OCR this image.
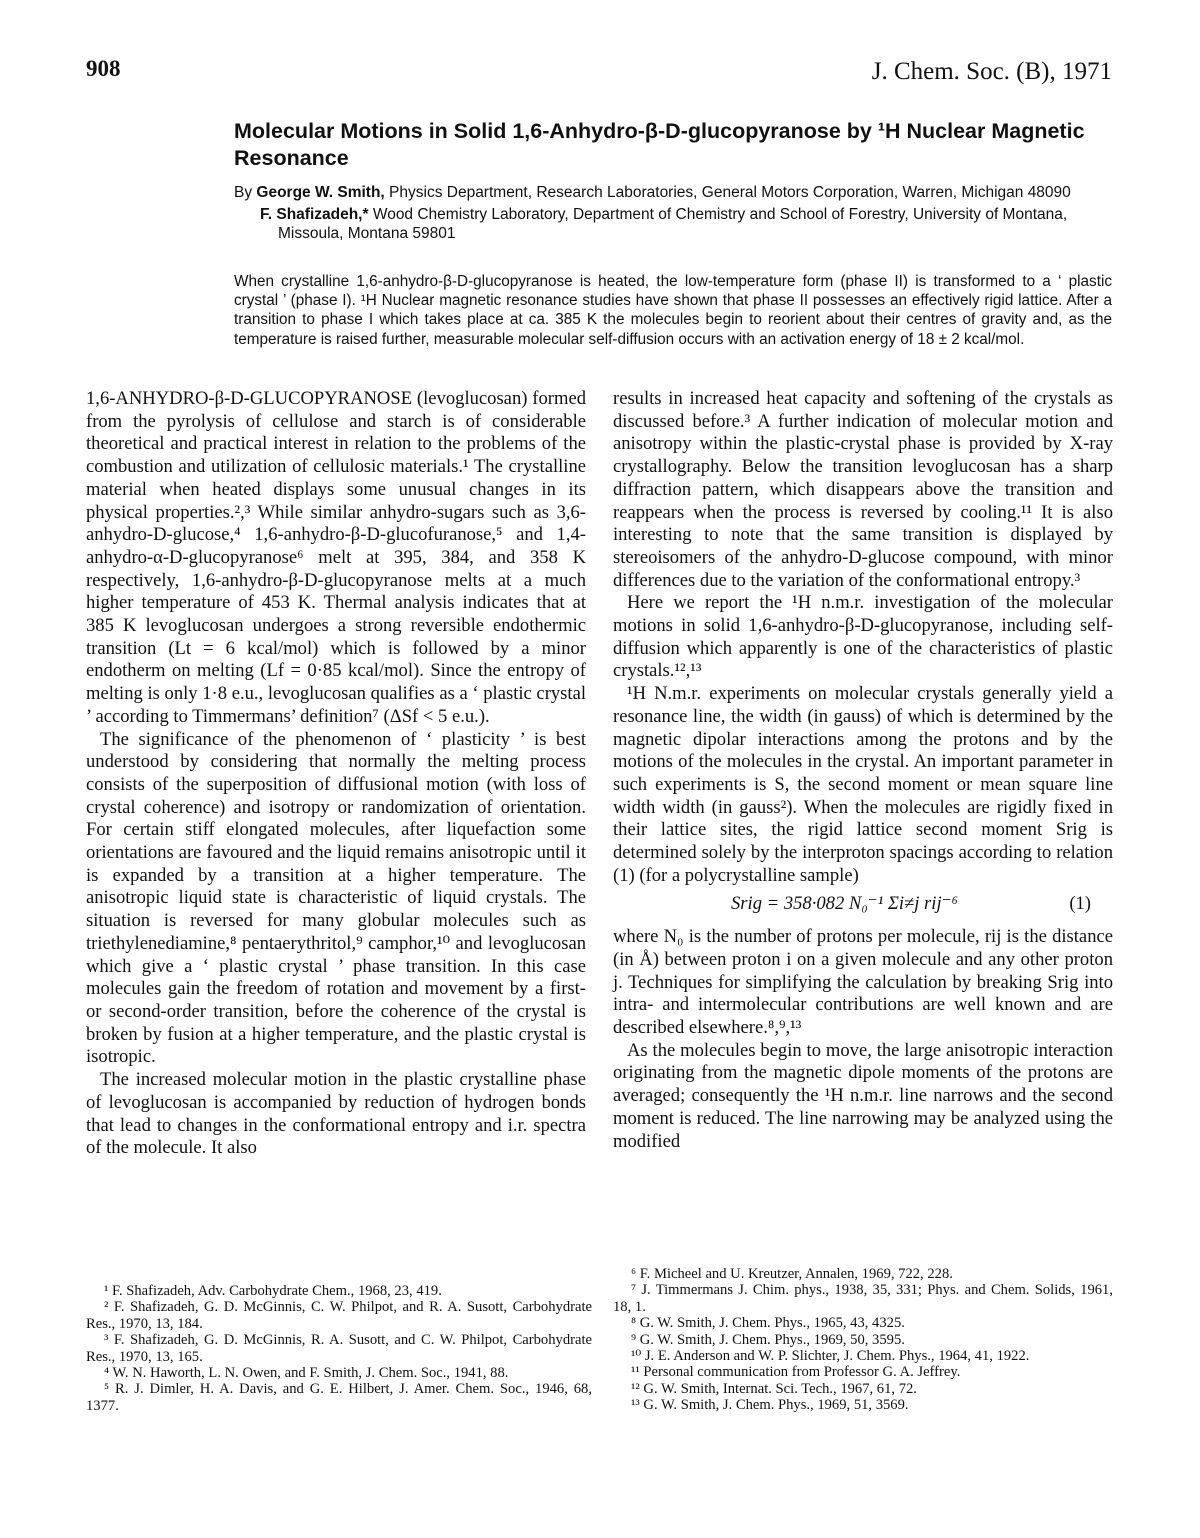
908	J. Chem. Soc. (B), 1971
Molecular Motions in Solid 1,6-Anhydro-β-D-glucopyranose by ¹H Nuclear Magnetic Resonance

By George W. Smith, Physics Department, Research Laboratories, General Motors Corporation, Warren, Michigan 48090

F. Shafizadeh,* Wood Chemistry Laboratory, Department of Chemistry and School of Forestry, University of Montana, Missoula, Montana 59801

When crystalline 1,6-anhydro-β-D-glucopyranose is heated, the low-temperature form (phase II) is transformed to a ‘ plastic crystal ’ (phase I). ¹H Nuclear magnetic resonance studies have shown that phase II possesses an effectively rigid lattice. After a transition to phase I which takes place at ca. 385 K the molecules begin to reorient about their centres of gravity and, as the temperature is raised further, measurable molecular self-diffusion occurs with an activation energy of 18 ± 2 kcal/mol.

1,6-ANHYDRO-β-D-GLUCOPYRANOSE (levoglucosan) formed from the pyrolysis of cellulose and starch is of considerable theoretical and practical interest in relation to the problems of the combustion and utilization of cellulosic materials.¹ The crystalline material when heated displays some unusual changes in its physical properties.²,³ While similar anhydro-sugars such as 3,6-anhydro-D-glucose,⁴ 1,6-anhydro-β-D-glucofuranose,⁵ and 1,4-anhydro-α-D-glucopyranose⁶ melt at 395, 384, and 358 K respectively, 1,6-anhydro-β-D-glucopyranose melts at a much higher temperature of 453 K. Thermal analysis indicates that at 385 K levoglucosan undergoes a strong reversible endothermic transition (Lt = 6 kcal/mol) which is followed by a minor endotherm on melting (Lf = 0·85 kcal/mol). Since the entropy of melting is only 1·8 e.u., levoglucosan qualifies as a ‘ plastic crystal ’ according to Timmermans’ definition⁷ (ΔSf < 5 e.u.).

The significance of the phenomenon of ‘ plasticity ’ is best understood by considering that normally the melting process consists of the superposition of diffusional motion (with loss of crystal coherence) and isotropy or randomization of orientation. For certain stiff elongated molecules, after liquefaction some orientations are favoured and the liquid remains anisotropic until it is expanded by a transition at a higher temperature. The anisotropic liquid state is characteristic of liquid crystals. The situation is reversed for many globular molecules such as triethylenediamine,⁸ pentaerythritol,⁹ camphor,¹⁰ and levoglucosan which give a ‘ plastic crystal ’ phase transition. In this case molecules gain the freedom of rotation and movement by a first- or second-order transition, before the coherence of the crystal is broken by fusion at a higher temperature, and the plastic crystal is isotropic.

The increased molecular motion in the plastic crystalline phase of levoglucosan is accompanied by reduction of hydrogen bonds that lead to changes in the conformational entropy and i.r. spectra of the molecule. It also

results in increased heat capacity and softening of the crystals as discussed before.³ A further indication of molecular motion and anisotropy within the plastic-crystal phase is provided by X-ray crystallography. Below the transition levoglucosan has a sharp diffraction pattern, which disappears above the transition and reappears when the process is reversed by cooling.¹¹ It is also interesting to note that the same transition is displayed by stereoisomers of the anhydro-D-glucose compound, with minor differences due to the variation of the conformational entropy.³

Here we report the ¹H n.m.r. investigation of the molecular motions in solid 1,6-anhydro-β-D-glucopyranose, including self-diffusion which apparently is one of the characteristics of plastic crystals.¹²,¹³

¹H N.m.r. experiments on molecular crystals generally yield a resonance line, the width (in gauss) of which is determined by the magnetic dipolar interactions among the protons and by the motions of the molecules in the crystal. An important parameter in such experiments is S, the second moment or mean square line width width (in gauss²). When the molecules are rigidly fixed in their lattice sites, the rigid lattice second moment Srig is determined solely by the interproton spacings according to relation (1) (for a polycrystalline sample)

Srig = 358·082 N₀⁻¹ Σi≠j rij⁻⁶	(1)

where N₀ is the number of protons per molecule, rij is the distance (in Å) between proton i on a given molecule and any other proton j. Techniques for simplifying the calculation by breaking Srig into intra- and intermolecular contributions are well known and are described elsewhere.⁸,⁹,¹³

As the molecules begin to move, the large anisotropic interaction originating from the magnetic dipole moments of the protons are averaged; consequently the ¹H n.m.r. line narrows and the second moment is reduced. The line narrowing may be analyzed using the modified

¹ F. Shafizadeh, Adv. Carbohydrate Chem., 1968, 23, 419.

² F. Shafizadeh, G. D. McGinnis, C. W. Philpot, and R. A. Susott, Carbohydrate Res., 1970, 13, 184.

³ F. Shafizadeh, G. D. McGinnis, R. A. Susott, and C. W. Philpot, Carbohydrate Res., 1970, 13, 165.

⁴ W. N. Haworth, L. N. Owen, and F. Smith, J. Chem. Soc., 1941, 88.

⁵ R. J. Dimler, H. A. Davis, and G. E. Hilbert, J. Amer. Chem. Soc., 1946, 68, 1377.

⁶ F. Micheel and U. Kreutzer, Annalen, 1969, 722, 228.

⁷ J. Timmermans J. Chim. phys., 1938, 35, 331; Phys. and Chem. Solids, 1961, 18, 1.

⁸ G. W. Smith, J. Chem. Phys., 1965, 43, 4325.

⁹ G. W. Smith, J. Chem. Phys., 1969, 50, 3595.

¹⁰ J. E. Anderson and W. P. Slichter, J. Chem. Phys., 1964, 41, 1922.

¹¹ Personal communication from Professor G. A. Jeffrey.

¹² G. W. Smith, Internat. Sci. Tech., 1967, 61, 72.

¹³ G. W. Smith, J. Chem. Phys., 1969, 51, 3569.
